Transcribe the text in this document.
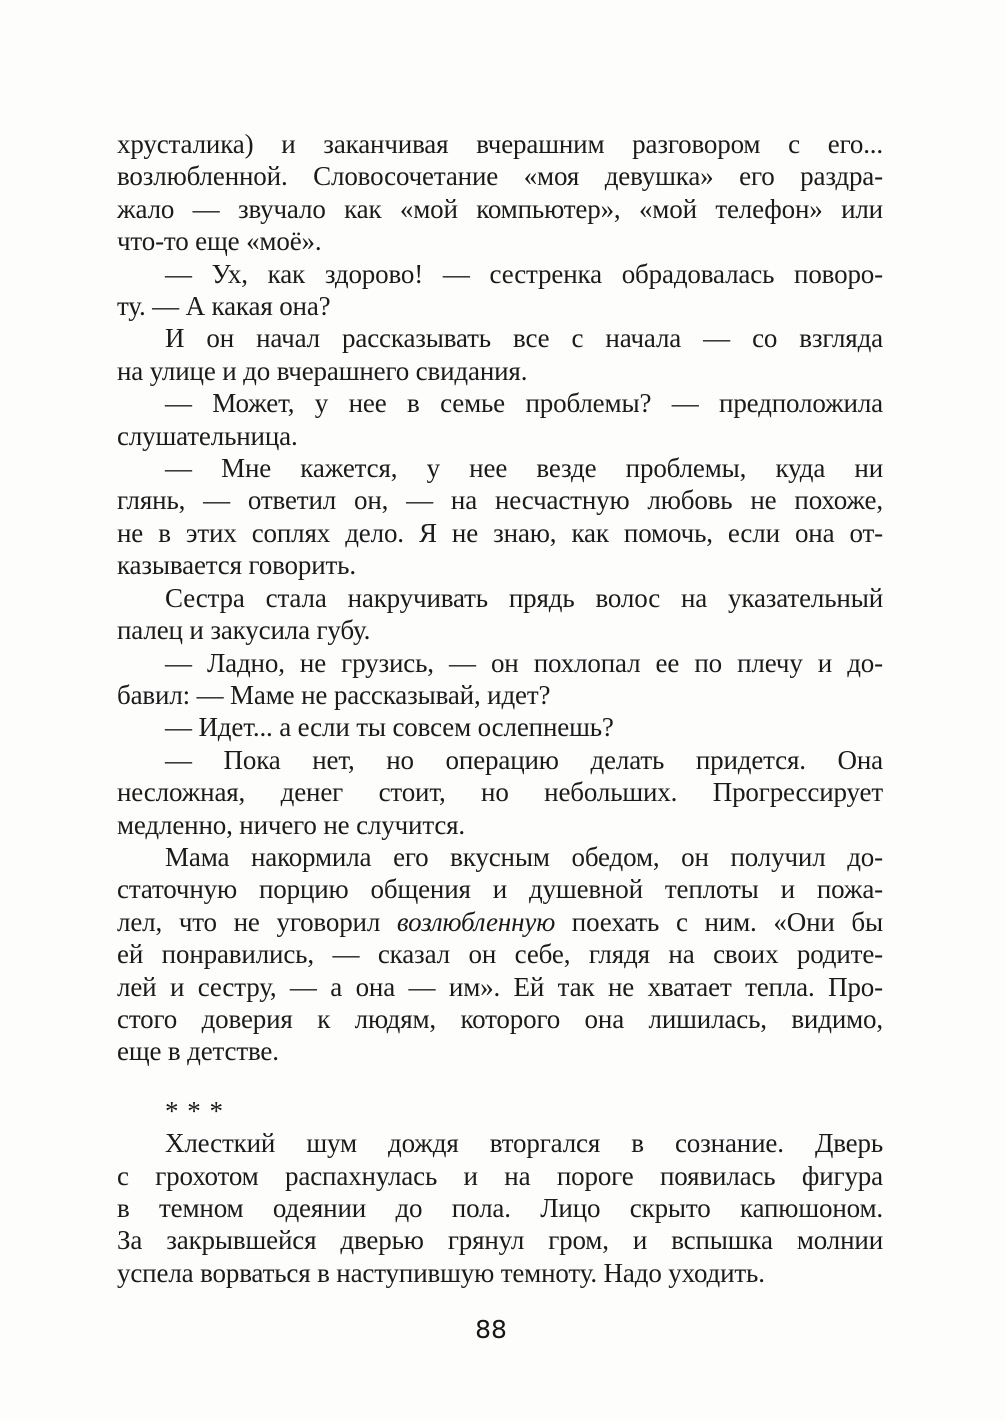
хрусталика) и заканчивая вчерашним разговором с его...
возлюбленной. Словосочетание «моя девушка» его раздра-
жало — звучало как «мой компьютер», «мой телефон» или
что-то еще «моё».
— Ух, как здорово! — сестренка обрадовалась поворо-
ту. — А какая она?
И он начал рассказывать все с начала — со взгляда
на улице и до вчерашнего свидания.
— Может, у нее в семье проблемы? — предположила
слушательница.
— Мне кажется, у нее везде проблемы, куда ни
глянь, — ответил он, — на несчастную любовь не похоже,
не в этих соплях дело. Я не знаю, как помочь, если она от-
казывается говорить.
Сестра стала накручивать прядь волос на указательный
палец и закусила губу.
— Ладно, не грузись, — он похлопал ее по плечу и до-
бавил: — Маме не рассказывай, идет?
— Идет... а если ты совсем ослепнешь?
— Пока нет, но операцию делать придется. Она
несложная, денег стоит, но небольших. Прогрессирует
медленно, ничего не случится.
Мама накормила его вкусным обедом, он получил до-
статочную порцию общения и душевной теплоты и пожа-
лел, что не уговорил возлюбленную поехать с ним. «Они бы
ей понравились, — сказал он себе, глядя на своих родите-
лей и сестру, — а она — им». Ей так не хватает тепла. Про-
стого доверия к людям, которого она лишилась, видимо,
еще в детстве.
* * *
Хлесткий шум дождя вторгался в сознание. Дверь
с грохотом распахнулась и на пороге появилась фигура
в темном одеянии до пола. Лицо скрыто капюшоном.
За закрывшейся дверью грянул гром, и вспышка молнии
успела ворваться в наступившую темноту. Надо уходить.
88
